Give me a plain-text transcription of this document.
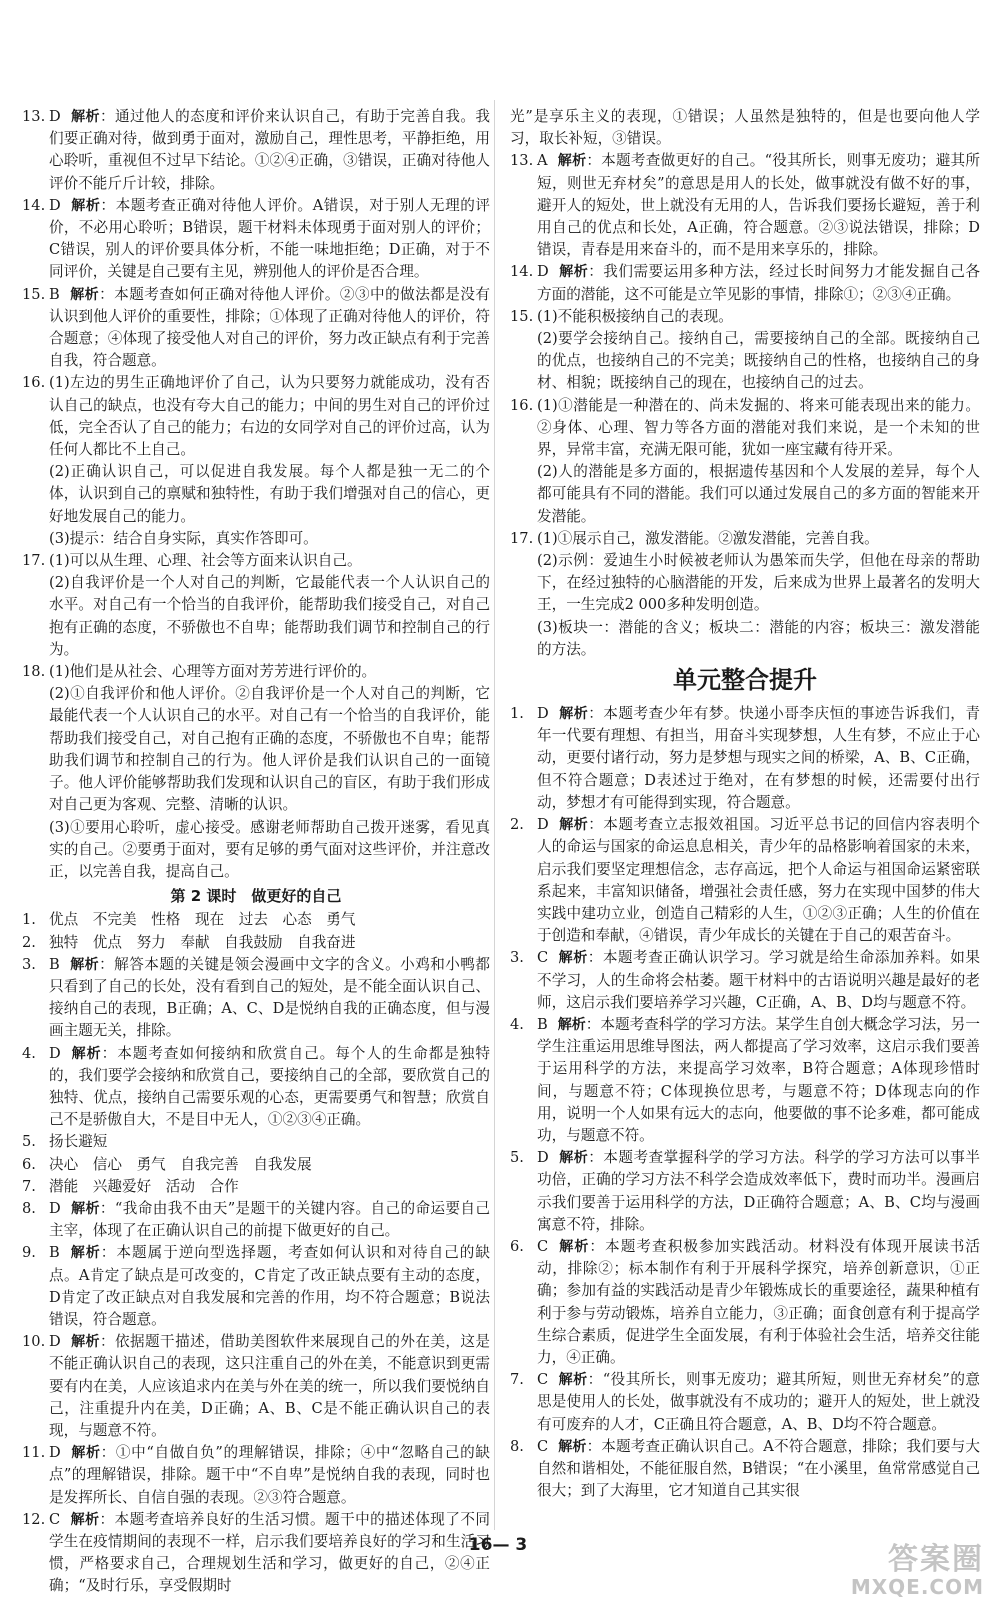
13. D 解析：通过他人的态度和评价来认识自己，有助于完善自我。我们要正确对待，做到勇于面对，激励自己，理性思考，平静拒绝，用心聆听，重视但不过早下结论。①②④正确，③错误，正确对待他人评价不能斤斤计较，排除。
14. D 解析：本题考查正确对待他人评价。A错误，对于别人无理的评价，不必用心聆听；B错误，题干材料未体现勇于面对别人的评价；C错误，别人的评价要具体分析，不能一味地拒绝；D正确，对于不同评价，关键是自己要有主见，辨别他人的评价是否合理。
15. B 解析：本题考查如何正确对待他人评价。②③中的做法都是没有认识到他人评价的重要性，排除；①体现了正确对待他人的评价，符合题意；④体现了接受他人对自己的评价，努力改正缺点有利于完善自我，符合题意。
16. (1)左边的男生正确地评价了自己，认为只要努力就能成功，没有否认自己的缺点，也没有夸大自己的能力；中间的男生对自己的评价过低，完全否认了自己的能力；右边的女同学对自己的评价过高，认为任何人都比不上自己。
(2)正确认识自己，可以促进自我发展。每个人都是独一无二的个体，认识到自己的禀赋和独特性，有助于我们增强对自己的信心，更好地发展自己的能力。
(3)提示：结合自身实际，真实作答即可。
17. (1)可以从生理、心理、社会等方面来认识自己。
(2)自我评价是一个人对自己的判断，它最能代表一个人认识自己的水平。对自己有一个恰当的自我评价，能帮助我们接受自己，对自己抱有正确的态度，不骄傲也不自卑；能帮助我们调节和控制自己的行为。
18. (1)他们是从社会、心理等方面对芳芳进行评价的。
(2)①自我评价和他人评价。②自我评价是一个人对自己的判断，它最能代表一个人认识自己的水平。对自己有一个恰当的自我评价，能帮助我们接受自己，对自己抱有正确的态度，不骄傲也不自卑；能帮助我们调节和控制自己的行为。他人评价是我们认识自己的一面镜子。他人评价能够帮助我们发现和认识自己的盲区，有助于我们形成对自己更为客观、完整、清晰的认识。
(3)①要用心聆听，虚心接受。感谢老师帮助自己拨开迷雾，看见真实的自己。②要勇于面对，要有足够的勇气面对这些评价，并注意改正，以完善自我，提高自己。
第 2 课时　做更好的自己
1. 优点　不完美　性格　现在　过去　心态　勇气
2. 独特　优点　努力　奉献　自我鼓励　自我奋进
3. B 解析：解答本题的关键是领会漫画中文字的含义。小鸡和小鸭都只看到了自己的长处，没有看到自己的短处，是不能全面认识自己、接纳自己的表现，B正确；A、C、D是悦纳自我的正确态度，但与漫画主题无关，排除。
4. D 解析：本题考查如何接纳和欣赏自己。每个人的生命都是独特的，我们要学会接纳和欣赏自己，要接纳自己的全部，要欣赏自己的独特、优点，接纳自己需要乐观的心态，更需要勇气和智慧；欣赏自己不是骄傲自大，不是目中无人，①②③④正确。
5. 扬长避短
6. 决心　信心　勇气　自我完善　自我发展
7. 潜能　兴趣爱好　活动　合作
8. D 解析：“我命由我不由天”是题干的关键内容。自己的命运要自己主宰，体现了在正确认识自己的前提下做更好的自己。
9. B 解析：本题属于逆向型选择题，考查如何认识和对待自己的缺点。A肯定了缺点是可改变的，C肯定了改正缺点要有主动的态度，D肯定了改正缺点对自我发展和完善的作用，均不符合题意；B说法错误，符合题意。
10. D 解析：依据题干描述，借助美图软件来展现自己的外在美，这是不能正确认识自己的表现，这只注重自己的外在美，不能意识到更需要有内在美，人应该追求内在美与外在美的统一，所以我们要悦纳自己，注重提升内在美，D正确；A、B、C是不能正确认识自己的表现，与题意不符。
11. D 解析：①中“自做自负”的理解错误，排除；④中“忽略自己的缺点”的理解错误，排除。题干中“不自卑”是悦纳自我的表现，同时也是发挥所长、自信自强的表现。②③符合题意。
12. C 解析：本题考查培养良好的生活习惯。题干中的描述体现了不同学生在疫情期间的表现不一样，启示我们要培养良好的学习和生活习惯，严格要求自己，合理规划生活和学习，做更好的自己，②④正确；“及时行乐，享受假期时
光”是享乐主义的表现，①错误；人虽然是独特的，但是也要向他人学习，取长补短，③错误。
13. A 解析：本题考查做更好的自己。“役其所长，则事无废功；避其所短，则世无弃材矣”的意思是用人的长处，做事就没有做不好的事，避开人的短处，世上就没有无用的人，告诉我们要扬长避短，善于利用自己的优点和长处，A正确，符合题意。②③说法错误，排除；D错误，青春是用来奋斗的，而不是用来享乐的，排除。
14. D 解析：我们需要运用多种方法，经过长时间努力才能发掘自己各方面的潜能，这不可能是立竿见影的事情，排除①；②③④正确。
15. (1)不能积极接纳自己的表现。
(2)要学会接纳自己。接纳自己，需要接纳自己的全部。既接纳自己的优点，也接纳自己的不完美；既接纳自己的性格，也接纳自己的身材、相貌；既接纳自己的现在，也接纳自己的过去。
16. (1)①潜能是一种潜在的、尚未发掘的、将来可能表现出来的能力。②身体、心理、智力等各方面的潜能对我们来说，是一个未知的世界，异常丰富，充满无限可能，犹如一座宝藏有待开采。
(2)人的潜能是多方面的，根据遗传基因和个人发展的差异，每个人都可能具有不同的潜能。我们可以通过发展自己的多方面的智能来开发潜能。
17. (1)①展示自己，激发潜能。②激发潜能，完善自我。
(2)示例：爱迪生小时候被老师认为愚笨而失学，但他在母亲的帮助下，在经过独特的心脑潜能的开发，后来成为世界上最著名的发明大王，一生完成2 000多种发明创造。
(3)板块一：潜能的含义；板块二：潜能的内容；板块三：激发潜能的方法。
单元整合提升
1. D 解析：本题考查少年有梦。快递小哥李庆恒的事迹告诉我们，青年一代要有理想、有担当，用奋斗实现梦想，人生有梦，不应止于心动，更要付诸行动，努力是梦想与现实之间的桥梁，A、B、C正确，但不符合题意；D表述过于绝对，在有梦想的时候，还需要付出行动，梦想才有可能得到实现，符合题意。
2. D 解析：本题考查立志报效祖国。习近平总书记的回信内容表明个人的命运与国家的命运息息相关，青少年的品格影响着国家的未来，启示我们要坚定理想信念，志存高远，把个人命运与祖国命运紧密联系起来，丰富知识储备，增强社会责任感，努力在实现中国梦的伟大实践中建功立业，创造自己精彩的人生，①②③正确；人生的价值在于创造和奉献，④错误，青少年成长的关键在于自己的艰苦奋斗。
3. C 解析：本题考查正确认识学习。学习就是给生命添加养料。如果不学习，人的生命将会枯萎。题干材料中的古语说明兴趣是最好的老师，这启示我们要培养学习兴趣，C正确，A、B、D均与题意不符。
4. B 解析：本题考查科学的学习方法。某学生自创大概念学习法，另一学生注重运用思维导图法，两人都提高了学习效率，这启示我们要善于运用科学的方法，来提高学习效率，B符合题意；A体现珍惜时间，与题意不符；C体现换位思考，与题意不符；D体现志向的作用，说明一个人如果有远大的志向，他要做的事不论多难，都可能成功，与题意不符。
5. D 解析：本题考查掌握科学的学习方法。科学的学习方法可以事半功倍，正确的学习方法不科学会造成效率低下，费时而功半。漫画启示我们要善于运用科学的方法，D正确符合题意；A、B、C均与漫画寓意不符，排除。
6. C 解析：本题考查积极参加实践活动。材料没有体现开展读书活动，排除②；标本制作有利于开展科学探究，培养创新意识，①正确；参加有益的实践活动是青少年锻炼成长的重要途径，蔬果种植有利于参与劳动锻炼，培养自立能力，③正确；面食创意有利于提高学生综合素质，促进学生全面发展，有利于体验社会生活，培养交往能力，④正确。
7. C 解析：“役其所长，则事无废功；避其所短，则世无弃材矣”的意思是使用人的长处，做事就没有不成功的；避开人的短处，世上就没有可废弃的人才，C正确且符合题意，A、B、D均不符合题意。
8. C 解析：本题考查正确认识自己。A不符合题意，排除；我们要与大自然和谐相处，不能征服自然，B错误；“在小溪里，鱼常常感觉自己很大；到了大海里，它才知道自己其实很
16— 3	答案圈
MXQE.COM
